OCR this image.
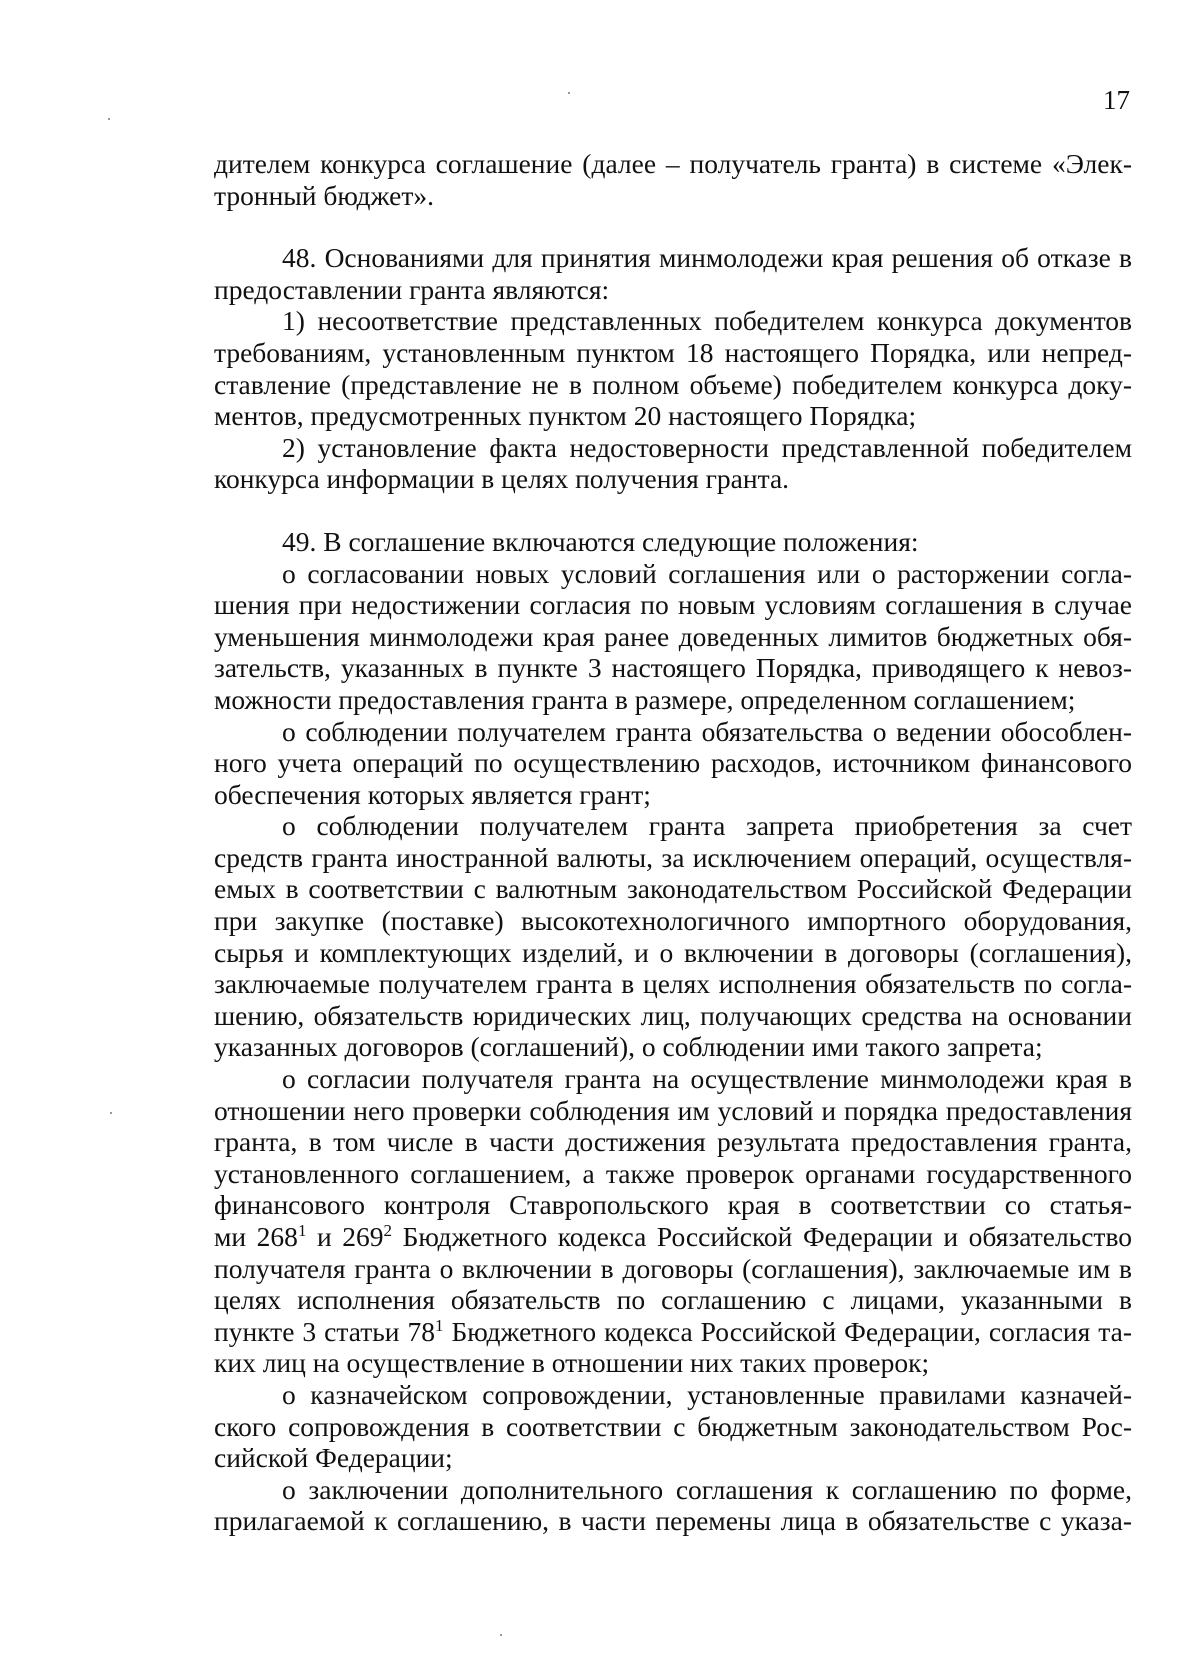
17
дителем конкурса соглашение (далее – получатель гранта) в системе «Элек-
тронный бюджет».
48. Основаниями для принятия минмолодежи края решения об отказе в
предоставлении гранта являются:
1) несоответствие представленных победителем конкурса документов
требованиям, установленным пунктом 18 настоящего Порядка, или непред-
ставление (представление не в полном объеме) победителем конкурса доку-
ментов, предусмотренных пунктом 20 настоящего Порядка;
2) установление факта недостоверности представленной победителем
конкурса информации в целях получения гранта.
49. В соглашение включаются следующие положения:
о согласовании новых условий соглашения или о расторжении согла-
шения при недостижении согласия по новым условиям соглашения в случае
уменьшения минмолодежи края ранее доведенных лимитов бюджетных обя-
зательств, указанных в пункте 3 настоящего Порядка, приводящего к невоз-
можности предоставления гранта в размере, определенном соглашением;
о соблюдении получателем гранта обязательства о ведении обособлен-
ного учета операций по осуществлению расходов, источником финансового
обеспечения которых является грант;
о соблюдении получателем гранта запрета приобретения за счет
средств гранта иностранной валюты, за исключением операций, осуществля-
емых в соответствии с валютным законодательством Российской Федерации
при закупке (поставке) высокотехнологичного импортного оборудования,
сырья и комплектующих изделий, и о включении в договоры (соглашения),
заключаемые получателем гранта в целях исполнения обязательств по согла-
шению, обязательств юридических лиц, получающих средства на основании
указанных договоров (соглашений), о соблюдении ими такого запрета;
о согласии получателя гранта на осуществление минмолодежи края в
отношении него проверки соблюдения им условий и порядка предоставления
гранта, в том числе в части достижения результата предоставления гранта,
установленного соглашением, а также проверок органами государственного
финансового контроля Ставропольского края в соответствии со статья-
ми $268^1$ и $269^2$ Бюджетного кодекса Российской Федерации и обязательство
получателя гранта о включении в договоры (соглашения), заключаемые им в
целях исполнения обязательств по соглашению с лицами, указанными в
пункте 3 статьи $78^1$ Бюджетного кодекса Российской Федерации, согласия та-
ких лиц на осуществление в отношении них таких проверок;
о казначейском сопровождении, установленные правилами казначей-
ского сопровождения в соответствии с бюджетным законодательством Рос-
сийской Федерации;
о заключении дополнительного соглашения к соглашению по форме,
прилагаемой к соглашению, в части перемены лица в обязательстве с указа-
